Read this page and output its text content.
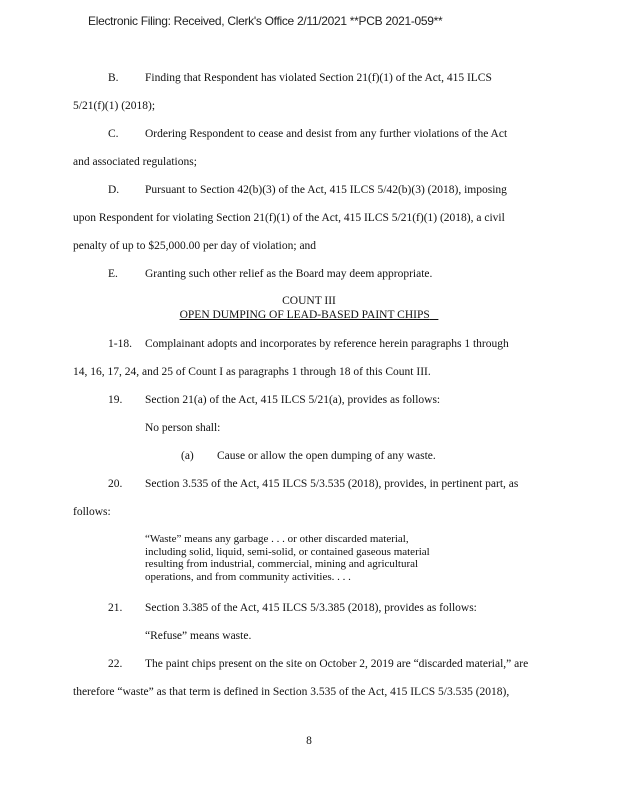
Electronic Filing: Received, Clerk's Office 2/11/2021 **PCB 2021-059**
B. Finding that Respondent has violated Section 21(f)(1) of the Act, 415 ILCS
5/21(f)(1) (2018);
C. Ordering Respondent to cease and desist from any further violations of the Act
and associated regulations;
D. Pursuant to Section 42(b)(3) of the Act, 415 ILCS 5/42(b)(3) (2018), imposing
upon Respondent for violating Section 21(f)(1) of the Act, 415 ILCS 5/21(f)(1) (2018), a civil
penalty of up to $25,000.00 per day of violation; and
E. Granting such other relief as the Board may deem appropriate.
COUNT III
OPEN DUMPING OF LEAD-BASED PAINT CHIPS
1-18. Complainant adopts and incorporates by reference herein paragraphs 1 through
14, 16, 17, 24, and 25 of Count I as paragraphs 1 through 18 of this Count III.
19. Section 21(a) of the Act, 415 ILCS 5/21(a), provides as follows:
No person shall:
(a) Cause or allow the open dumping of any waste.
20. Section 3.535 of the Act, 415 ILCS 5/3.535 (2018), provides, in pertinent part, as
follows:
“Waste” means any garbage . . . or other discarded material,
including solid, liquid, semi-solid, or contained gaseous material
resulting from industrial, commercial, mining and agricultural
operations, and from community activities. . . .
21. Section 3.385 of the Act, 415 ILCS 5/3.385 (2018), provides as follows:
“Refuse” means waste.
22. The paint chips present on the site on October 2, 2019 are “discarded material,” are
therefore “waste” as that term is defined in Section 3.535 of the Act, 415 ILCS 5/3.535 (2018),
8
